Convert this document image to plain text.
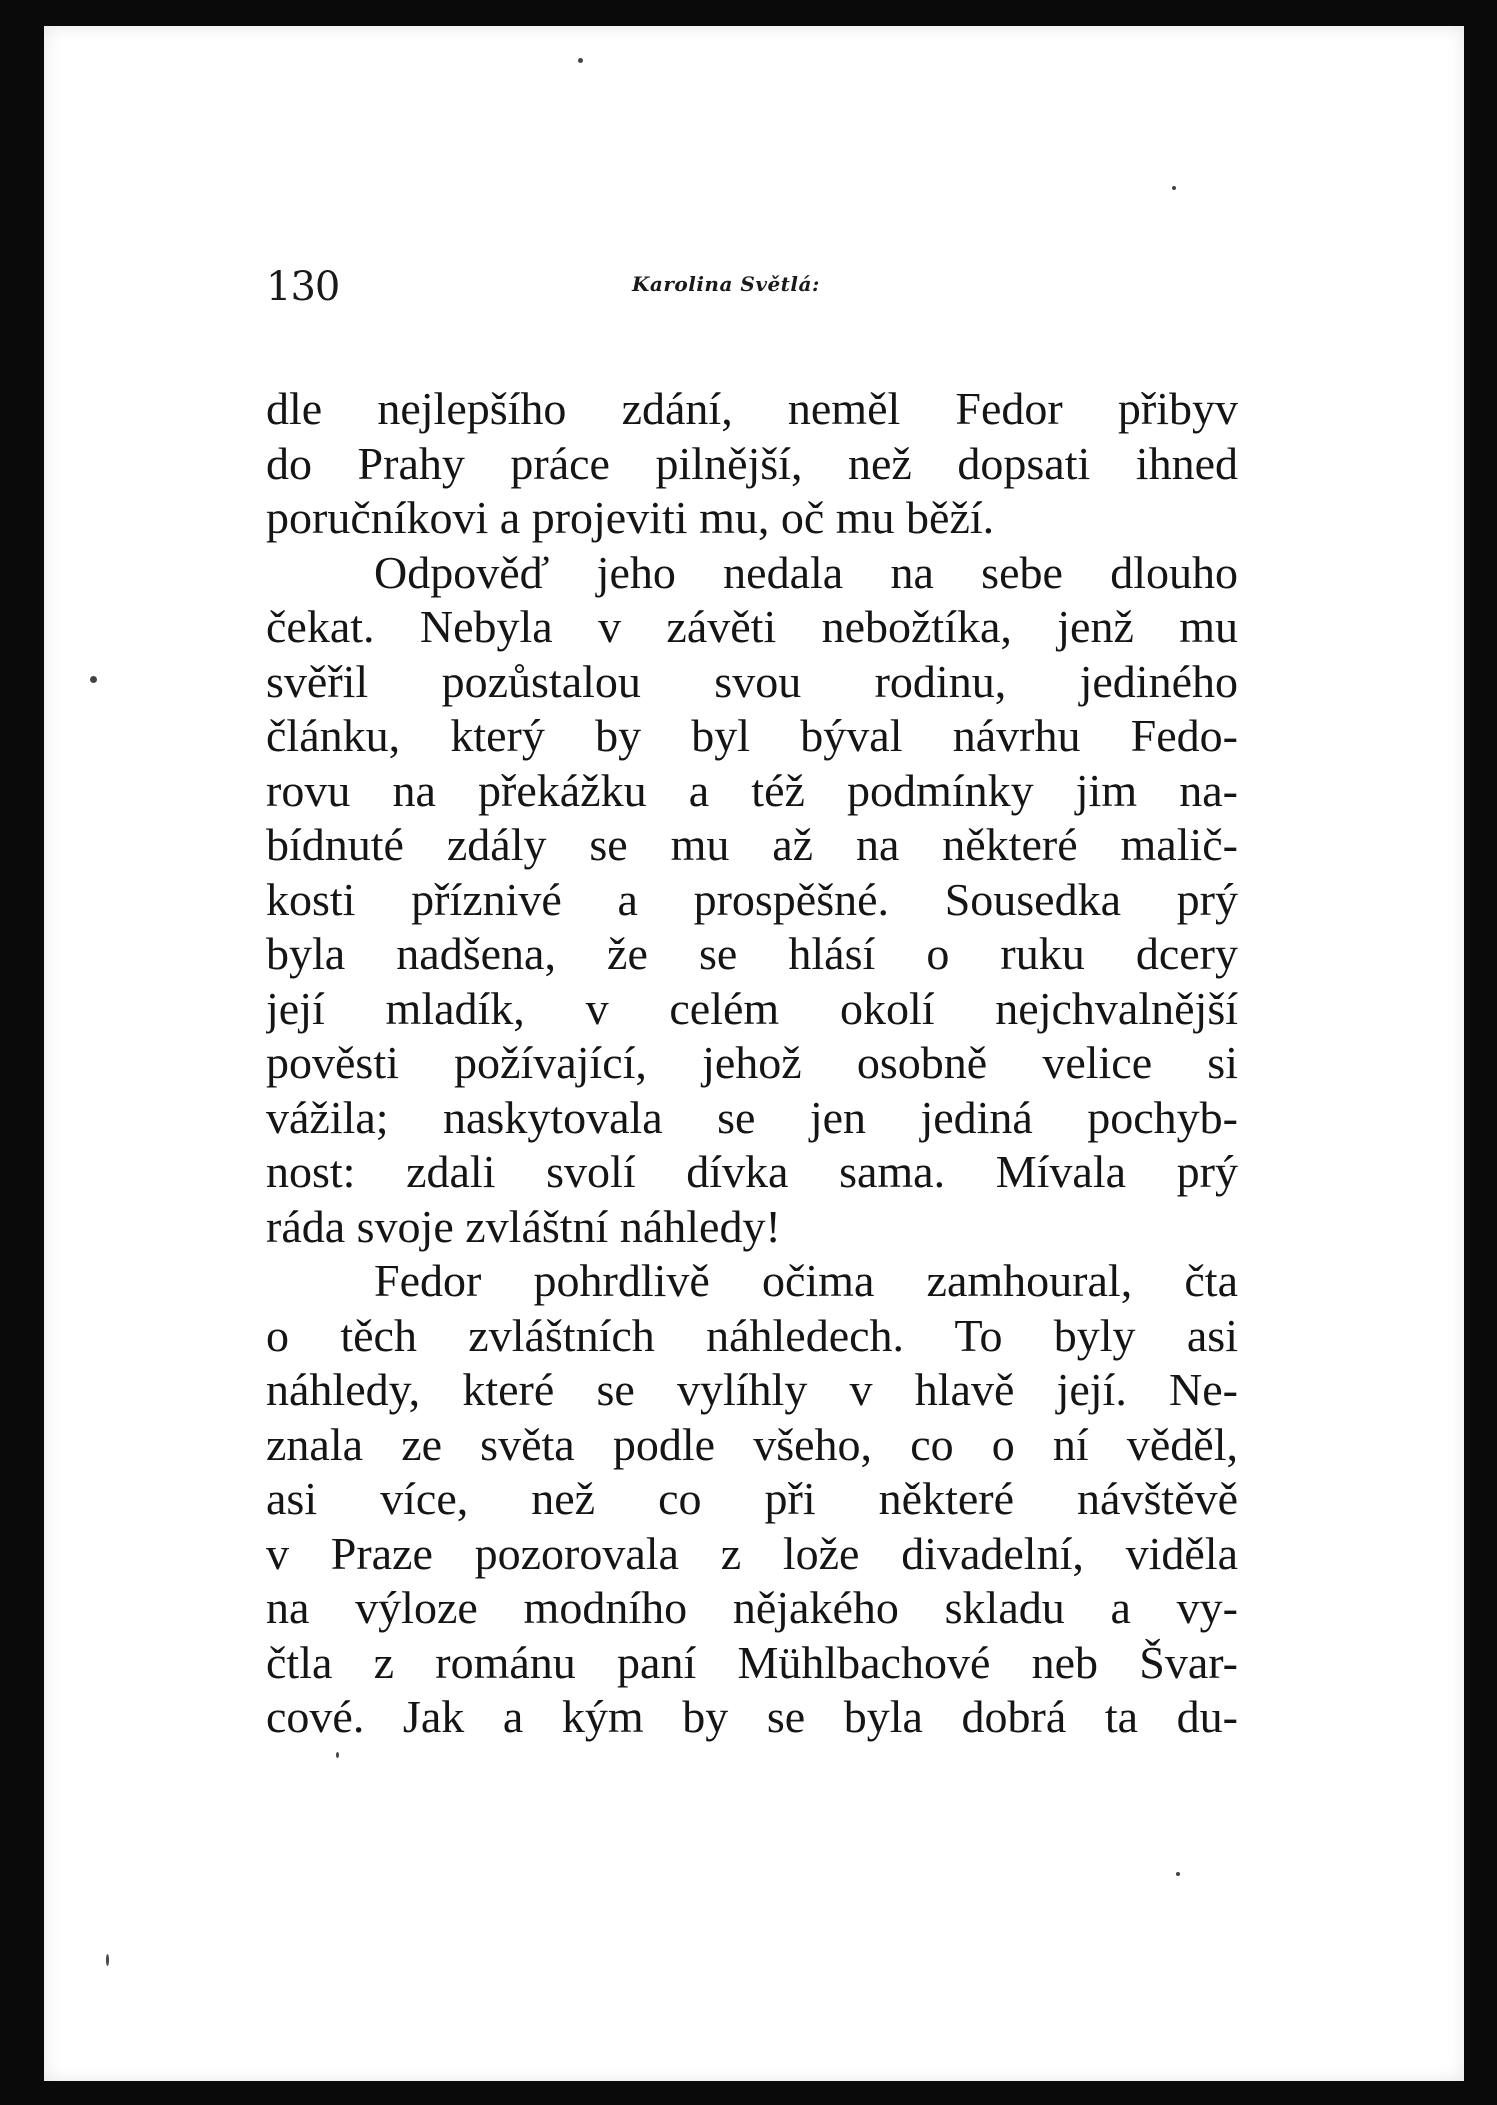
130	Karolina Světlá:
dle nejlepšího zdání, neměl Fedor přibyv
do Prahy práce pilnější, než dopsati ihned
poručníkovi a projeviti mu, oč mu běží.
Odpověď jeho nedala na sebe dlouho
čekat. Nebyla v závěti nebožtíka, jenž mu
svěřil pozůstalou svou rodinu, jediného
článku, který by byl býval návrhu Fedo-
rovu na překážku a též podmínky jim na-
bídnuté zdály se mu až na některé malič-
kosti příznivé a prospěšné. Sousedka prý
byla nadšena, že se hlásí o ruku dcery
její mladík, v celém okolí nejchvalnější
pověsti požívající, jehož osobně velice si
vážila; naskytovala se jen jediná pochyb-
nost: zdali svolí dívka sama. Mívala prý
ráda svoje zvláštní náhledy!
Fedor pohrdlivě očima zamhoural, čta
o těch zvláštních náhledech. To byly asi
náhledy, které se vylíhly v hlavě její. Ne-
znala ze světa podle všeho, co o ní věděl,
asi více, než co při některé návštěvě
v Praze pozorovala z lože divadelní, viděla
na výloze modního nějakého skladu a vy-
čtla z románu paní Mühlbachové neb Švar-
cové. Jak a kým by se byla dobrá ta du-
